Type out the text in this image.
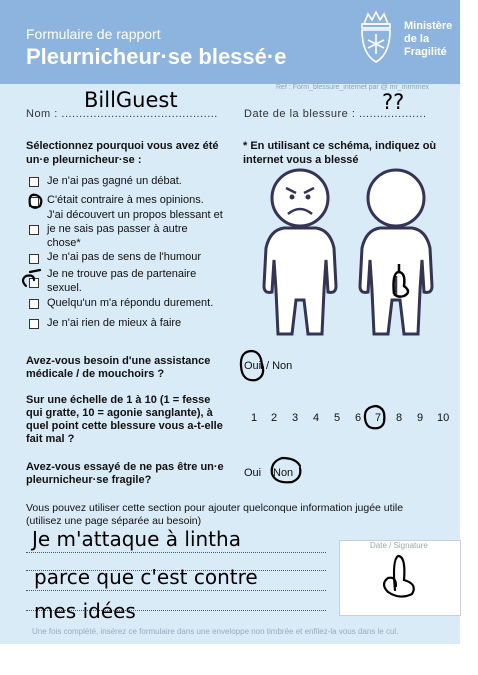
Formulaire de rapport
Pleurnicheur·se blessé·e
Ministère
de la
Fragilité
Ref : Form_blessure_internet par @ mr_mrmmex
Nom : ............................................
BillGuest
Date de la blessure : ...................
??
Sélectionnez pourquoi vous avez été
un·e pleurnicheur·se :
Je n'ai pas gagné un débat.
C'était contraire à mes opinions.
J'ai découvert un propos blessant et
je ne sais pas passer à autre
chose*
Je n'ai pas de sens de l'humour
Je ne trouve pas de partenaire
sexuel.
Quelqu'un m'a répondu durement.
Je n'ai rien de mieux à faire
* En utilisant ce schéma, indiquez où
internet vous a blessé
Avez-vous besoin d'une assistance
médicale / de mouchoirs ?
Oui / Non
Sur une échelle de 1 à 10 (1 = fesse
qui gratte, 10 = agonie sanglante), à
quel point cette blessure vous a-t-elle
fait mal ?
1 2 3 4 5 6 7 8 9 10
Avez-vous essayé de ne pas être un·e
pleurnicheur·se fragile?
Oui Non
Vous pouvez utiliser cette section pour ajouter quelconque information jugée utile
(utilisez une page séparée au besoin)
Je m'attaque à lintha
parce que c'est contre
mes idées
Date / Signature
Une fois complété, insérez ce formulaire dans une enveloppe non timbrée et enfilez-la vous dans le cul.
